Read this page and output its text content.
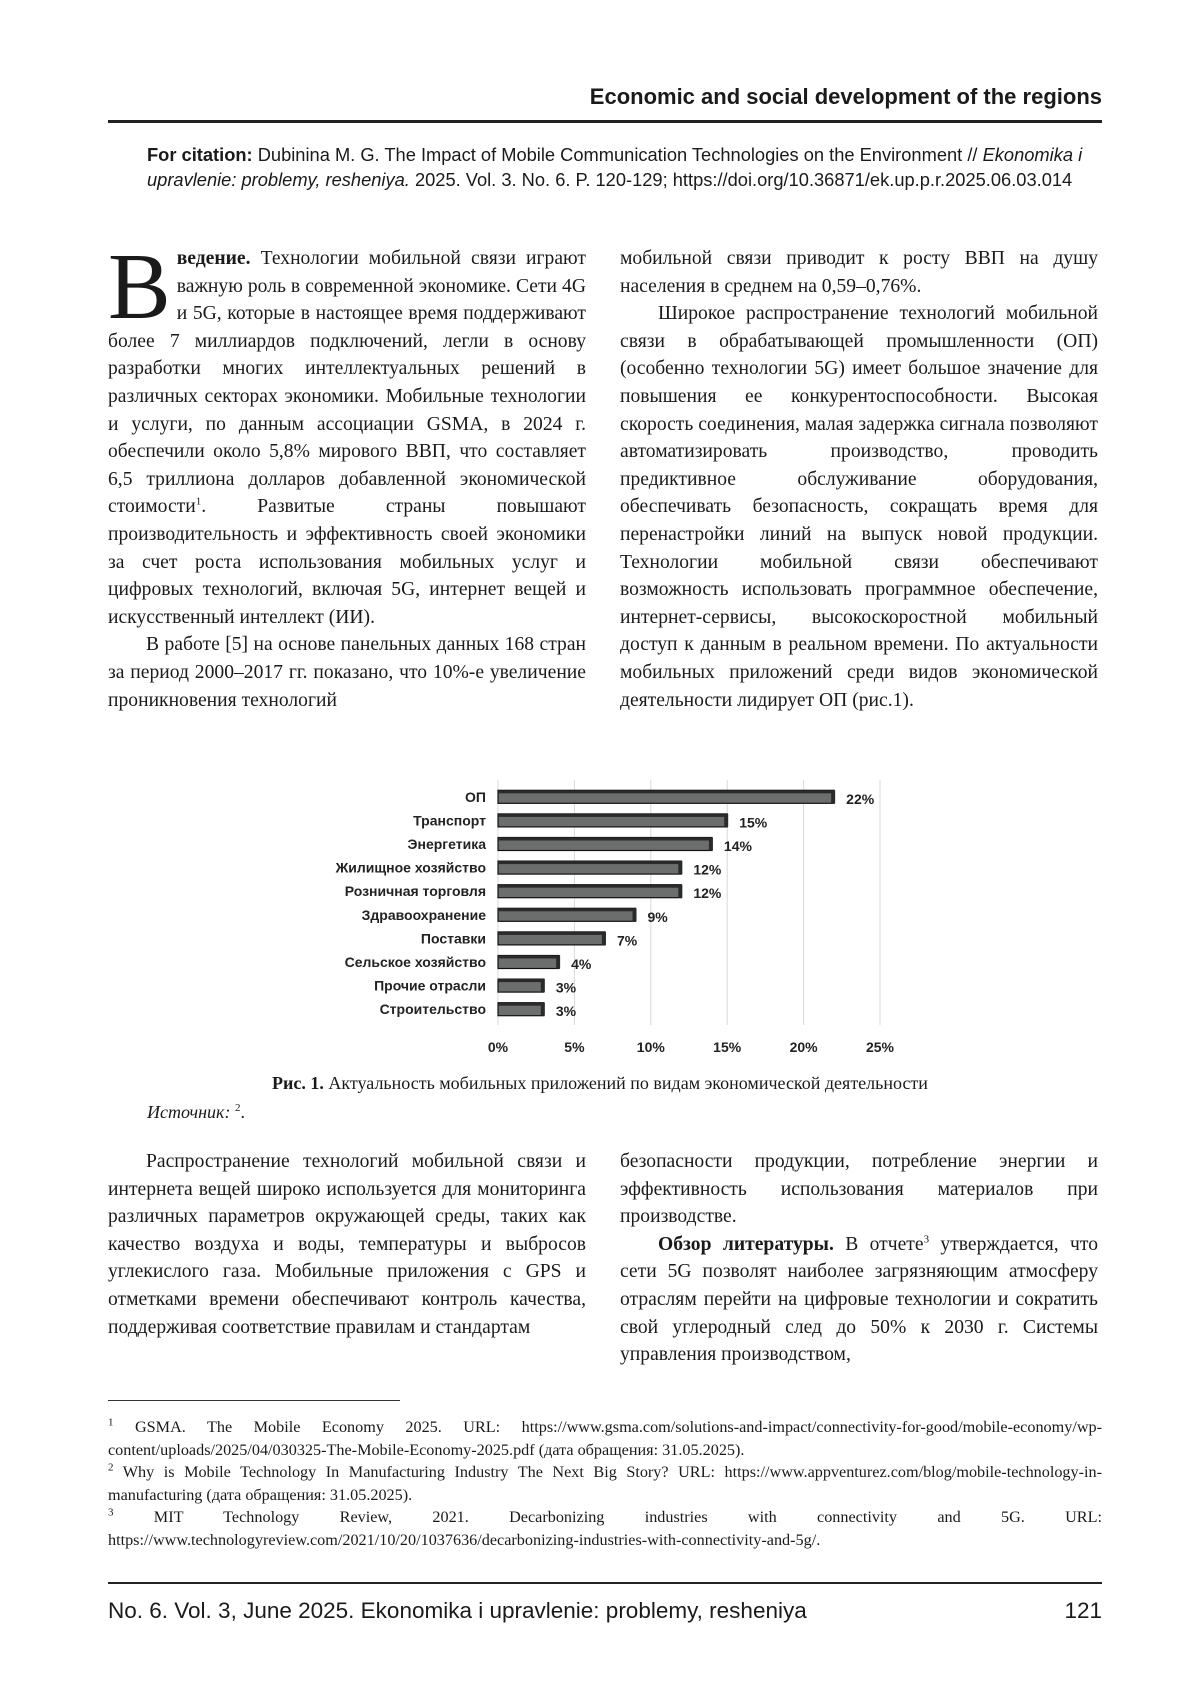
Economic and social development of the regions
For citation: Dubinina M. G. The Impact of Mobile Communication Technologies on the Environment // Ekonomika i upravlenie: problemy, resheniya. 2025. Vol. 3. No. 6. P. 120-129; https://doi.org/10.36871/ek.up.p.r.2025.06.03.014

Введение. Технологии мобильной связи играют важную роль в современной экономике. Сети 4G и 5G, которые в настоящее время поддерживают более 7 миллиардов подключений, легли в основу разработки многих интеллектуальных решений в различных секторах экономики. Мобильные технологии и услуги, по данным ассоциации GSMA, в 2024 г. обеспечили около 5,8% мирового ВВП, что составляет 6,5 триллиона долларов добавленной экономической стоимости$^1$. Развитые страны повышают производительность и эффективность своей экономики за счет роста использования мобильных услуг и цифровых технологий, включая 5G, интернет вещей и искусственный интеллект (ИИ).

В работе [5] на основе панельных данных 168 стран за период 2000–2017 гг. показано, что 10%-е увеличение проникновения технологий

мобильной связи приводит к росту ВВП на душу населения в среднем на 0,59–0,76%.

Широкое распространение технологий мобильной связи в обрабатывающей промышленности (ОП) (особенно технологии 5G) имеет большое значение для повышения ее конкурентоспособности. Высокая скорость соединения, малая задержка сигнала позволяют автоматизировать производство, проводить предиктивное обслуживание оборудования, обеспечивать безопасность, сокращать время для перенастройки линий на выпуск новой продукции. Технологии мобильной связи обеспечивают возможность использовать программное обеспечение, интернет-сервисы, высокоскоростной мобильный доступ к данным в реальном времени. По актуальности мобильных приложений среди видов экономической деятельности лидирует ОП (рис.1).

0%	5%	10%	15%	20%	25%
ОП	22%
Транспорт	15%
Энергетика	14%
Жилищное хозяйство	12%
Розничная торговля	12%
Здравоохранение	9%
Поставки	7%
Сельское хозяйство	4%
Прочие отрасли	3%
Строительство	3%
Рис. 1. Актуальность мобильных приложений по видам экономической деятельности
Источник: $^2$.

Распространение технологий мобильной связи и интернета вещей широко используется для мониторинга различных параметров окружающей среды, таких как качество воздуха и воды, температуры и выбросов углекислого газа. Мобильные приложения с GPS и отметками времени обеспечивают контроль качества, поддерживая соответствие правилам и стандартам

безопасности продукции, потребление энергии и эффективность использования материалов при производстве.

Обзор литературы. В отчете$^3$ утверждается, что сети 5G позволят наиболее загрязняющим атмосферу отраслям перейти на цифровые технологии и сократить свой углеродный след до 50% к 2030 г. Системы управления производством,

$^1$ GSMA. The Mobile Economy 2025. URL: https://www.gsma.com/solutions-and-impact/connectivity-for-good/mobile-economy/wp-content/uploads/2025/04/030325-The-Mobile-Economy-2025.pdf (дата обращения: 31.05.2025).

$^2$ Why is Mobile Technology In Manufacturing Industry The Next Big Story? URL: https://www.appventurez.com/blog/mobile-technology-in-manufacturing (дата обращения: 31.05.2025).

$^3$ MIT Technology Review, 2021. Decarbonizing industries with connectivity and 5G. URL: https://www.technologyreview.com/2021/10/20/1037636/decarbonizing-industries-with-connectivity-and-5g/.

No. 6. Vol. 3, June 2025. Ekonomika i upravlenie: problemy, resheniya	121
